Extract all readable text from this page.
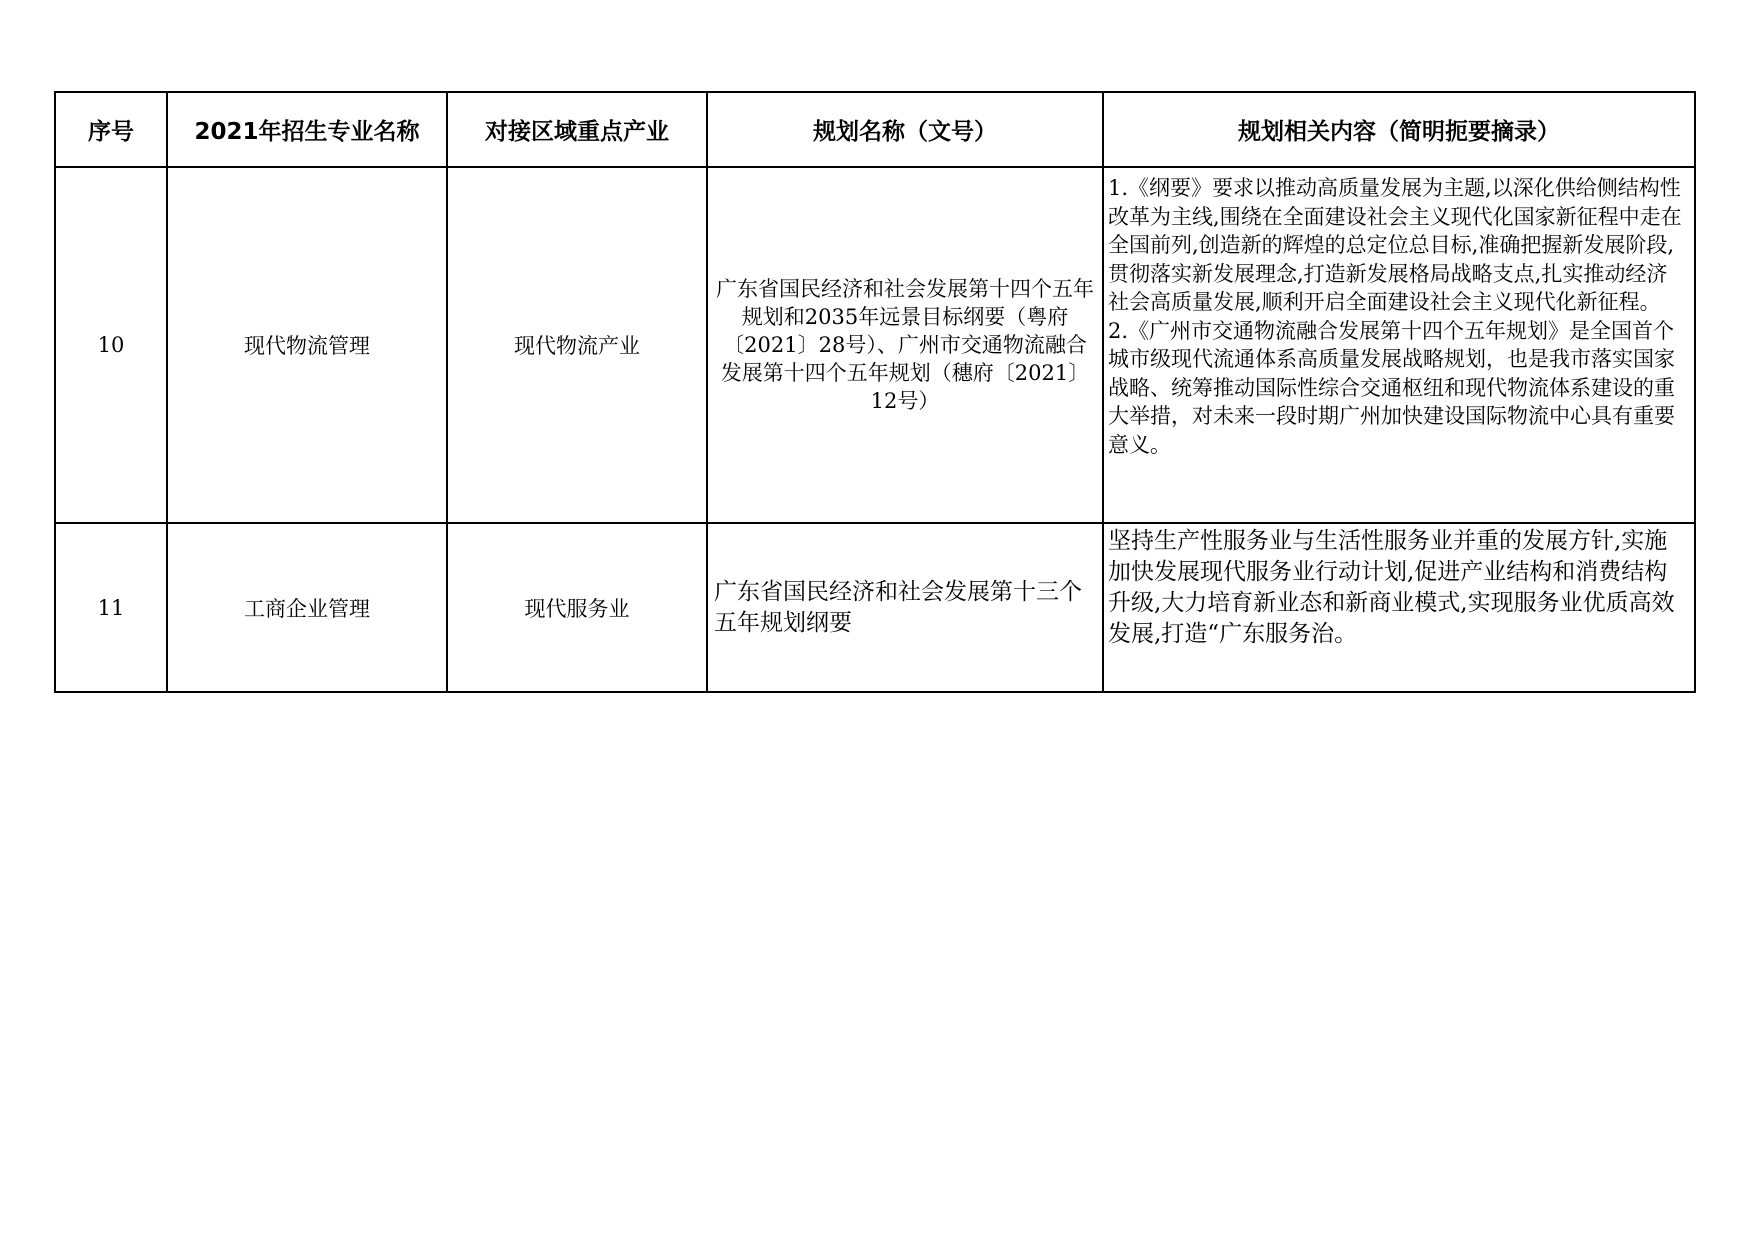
序号	2021年招生专业名称	对接区域重点产业	规划名称（文号）	规划相关内容（简明扼要摘录）
10	现代物流管理	现代物流产业	广东省国民经济和社会发展第十四个五年规划和2035年远景目标纲要（粤府〔2021〕28号）、广州市交通物流融合发展第十四个五年规划（穗府〔2021〕12号）	1.《纲要》要求以推动高质量发展为主题,以深化供给侧结构性改革为主线,围绕在全面建设社会主义现代化国家新征程中走在全国前列,创造新的辉煌的总定位总目标,准确把握新发展阶段,贯彻落实新发展理念,打造新发展格局战略支点,扎实推动经济社会高质量发展,顺利开启全面建设社会主义现代化新征程。
2.《广州市交通物流融合发展第十四个五年规划》是全国首个城市级现代流通体系高质量发展战略规划，也是我市落实国家战略、统筹推动国际性综合交通枢纽和现代物流体系建设的重大举措，对未来一段时期广州加快建设国际物流中心具有重要意义。

11	工商企业管理	现代服务业	广东省国民经济和社会发展第十三个五年规划纲要	坚持生产性服务业与生活性服务业并重的发展方针,实施加快发展现代服务业行动计划,促进产业结构和消费结构升级,大力培育新业态和新商业模式,实现服务业优质高效发展,打造“广东服务治。
